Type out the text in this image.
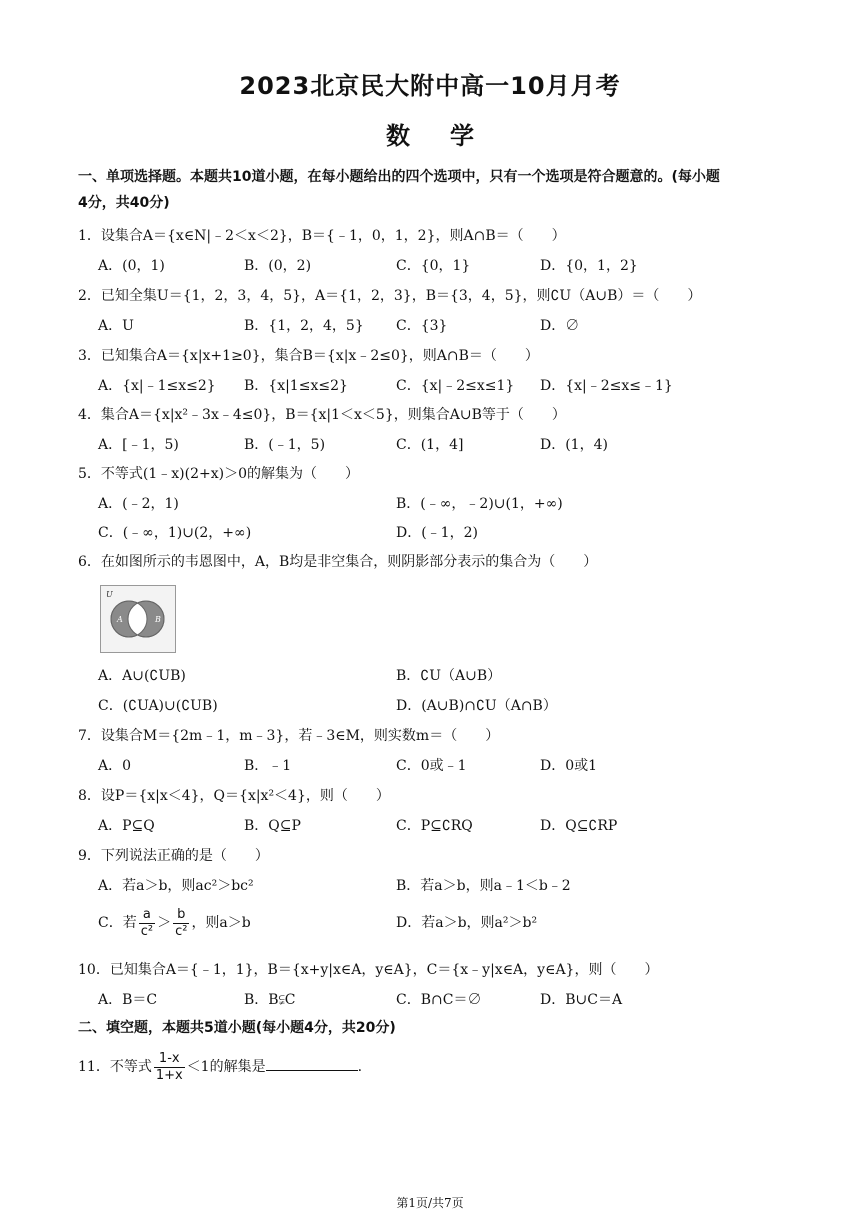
2023北京民大附中高一10月月考
数学
一、单项选择题。本题共10道小题，在每小题给出的四个选项中，只有一个选项是符合题意的。(每小题
4分，共40分)
1．设集合A＝{x∈N|﹣2＜x＜2}，B＝{﹣1，0，1，2}，则A∩B＝（　　）
A．(0，1)	B．(0，2)	C．{0，1}	D．{0，1，2}
2．已知全集U＝{1，2，3，4，5}，A＝{1，2，3}，B＝{3，4，5}，则∁U（A∪B）＝（　　）
A．U	B．{1，2，4，5} C．{3}	D．∅
3．已知集合A＝{x|x+1≥0}，集合B＝{x|x﹣2≤0}，则A∩B＝（　　）
A．{x|﹣1≤x≤2} B．{x|1≤x≤2}	C．{x|﹣2≤x≤1} D．{x|﹣2≤x≤﹣1}
4．集合A＝{x|x²﹣3x﹣4≤0}，B＝{x|1＜x＜5}，则集合A∪B等于（　　）
A．[﹣1，5)	B．(﹣1，5)	C．(1，4]	D．(1，4)
5．不等式(1﹣x)(2+x)＞0的解集为（　　）
A．(﹣2，1)	B．(﹣∞，﹣2)∪(1，+∞)
C．(﹣∞，1)∪(2，+∞)	D．(﹣1，2)
6．在如图所示的韦恩图中，A，B均是非空集合，则阴影部分表示的集合为（　　）
U
A	B
A．A∪(∁UB)	B．∁U（A∪B）
C．(∁UA)∪(∁UB)	D．(A∪B)∩∁U（A∩B）
7．设集合M＝{2m﹣1，m﹣3}，若﹣3∈M，则实数m＝（　　）
A．0	B．﹣1	C．0或﹣1	D．0或1
8．设P＝{x|x＜4}，Q＝{x|x²＜4}，则（　　）
A．P⊆Q	B．Q⊆P	C．P⊆∁RQ	D．Q⊆∁RP
9．下列说法正确的是（　　）
A．若a＞b，则ac²＞bc²	B．若a＞b，则a﹣1＜b﹣2
C．若 $\frac{a}{\text{c²}} > \frac{b}{\text{c²}}$ ，则a＞b	D．若a＞b，则a²＞b²
10．已知集合A＝{﹣1，1}，B＝{x+y|x∈A，y∈A}，C＝{x﹣y|x∈A，y∈A}，则（　　）
A．B＝C	B．B⫋C	C．B∩C＝∅	D．B∪C＝A
二、填空题，本题共5道小题(每小题4分，共20分)
11．不等式 $\frac{1-x}{1+x} <1$的解集是	.
第1页/共7页
